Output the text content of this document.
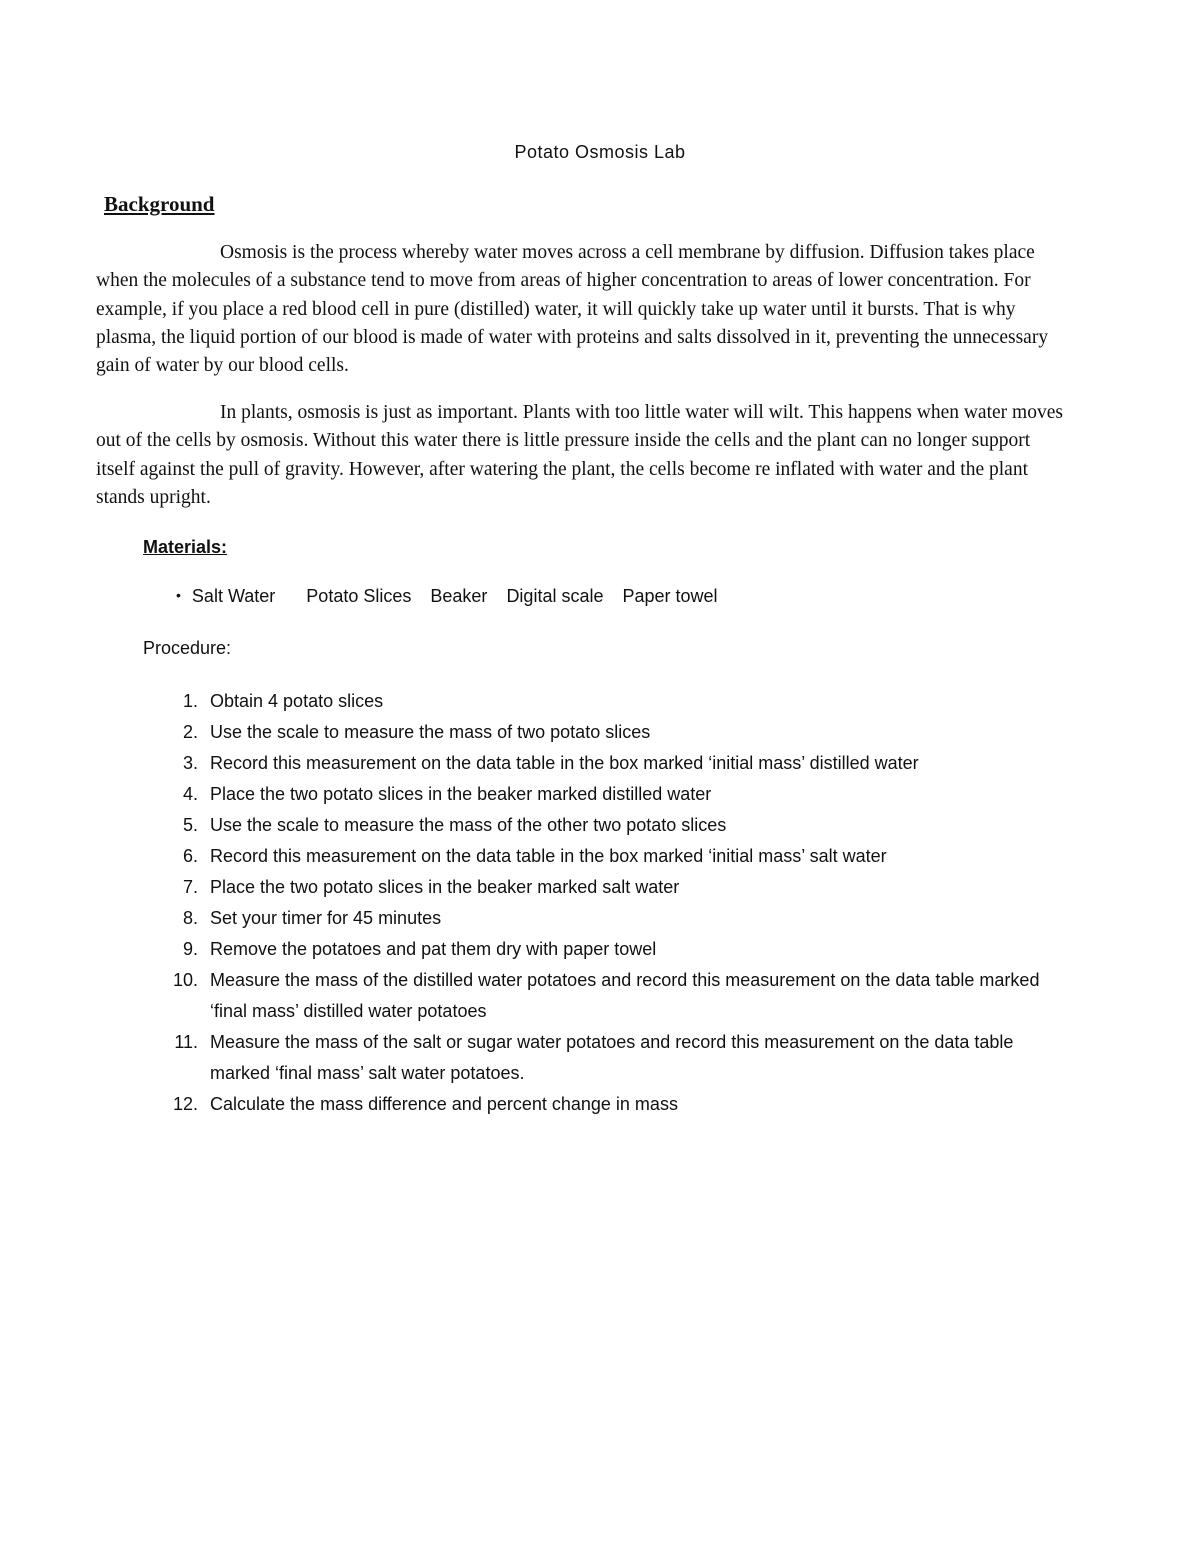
Potato Osmosis Lab
Background

Osmosis is the process whereby water moves across a cell membrane by diffusion. Diffusion takes place when the molecules of a substance tend to move from areas of higher concentration to areas of lower concentration. For example, if you place a red blood cell in pure (distilled) water, it will quickly take up water until it bursts. That is why plasma, the liquid portion of our blood is made of water with proteins and salts dissolved in it, preventing the unnecessary gain of water by our blood cells.

In plants, osmosis is just as important. Plants with too little water will wilt. This happens when water moves out of the cells by osmosis. Without this water there is little pressure inside the cells and the plant can no longer support itself against the pull of gravity. However, after watering the plant, the cells become re inflated with water and the plant stands upright.

Materials:
• Salt Water Potato Slices Beaker Digital scale Paper towel
Procedure:
1. Obtain 4 potato slices
2. Use the scale to measure the mass of two potato slices
3. Record this measurement on the data table in the box marked ‘initial mass’ distilled water
4. Place the two potato slices in the beaker marked distilled water
5. Use the scale to measure the mass of the other two potato slices
6. Record this measurement on the data table in the box marked ‘initial mass’ salt water
7. Place the two potato slices in the beaker marked salt water
8. Set your timer for 45 minutes
9. Remove the potatoes and pat them dry with paper towel
10. Measure the mass of the distilled water potatoes and record this measurement on the data table marked ‘final mass’ distilled water potatoes
11. Measure the mass of the salt or sugar water potatoes and record this measurement on the data table marked ‘final mass’ salt water potatoes.
12. Calculate the mass difference and percent change in mass
